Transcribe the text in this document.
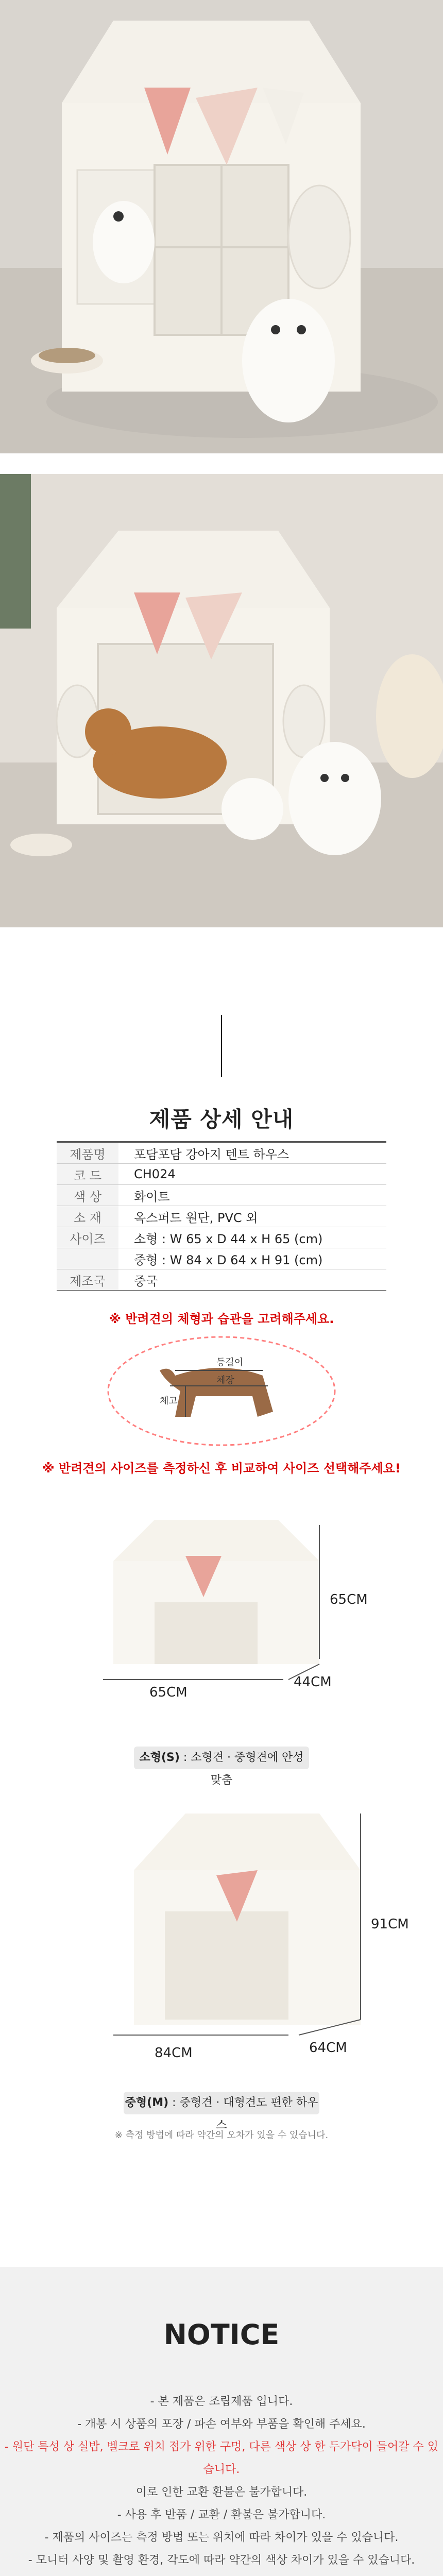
제품 상세 안내
제품명	포담포담 강아지 텐트 하우스
코 드	CH024
색 상	화이트
소 재	옥스퍼드 원단, PVC 외
사이즈	소형 : W 65 x D 44 x H 65 (cm)
중형 : W 84 x D 64 x H 91 (cm)
제조국	중국
※ 반려견의 체형과 습관을 고려해주세요.
등길이
체장
체고
※ 반려견의 사이즈를 측정하신 후 비교하여 사이즈 선택해주세요!
65CM
65CM
44CM
소형(S) : 소형견 · 중형견에 안성맞춤
91CM
84CM	64CM
중형(M) : 중형견 · 대형견도 편한 하우스
※ 측정 방법에 따라 약간의 오차가 있을 수 있습니다.
NOTICE
- 본 제품은 조립제품 입니다.
- 개봉 시 상품의 포장 / 파손 여부와 부품을 확인해 주세요.
- 원단 특성 상 실밥, 벨크로 위치 접가 위한 구멍, 다른 색상 상 한 두가닥이 들어갈 수 있습니다.
이로 인한 교환 환불은 불가합니다.
- 사용 후 반품 / 교환 / 환불은 불가합니다.
- 제품의 사이즈는 측정 방법 또는 위치에 따라 차이가 있을 수 있습니다.
- 모니터 사양 및 촬영 환경, 각도에 따라 약간의 색상 차이가 있을 수 있습니다.
